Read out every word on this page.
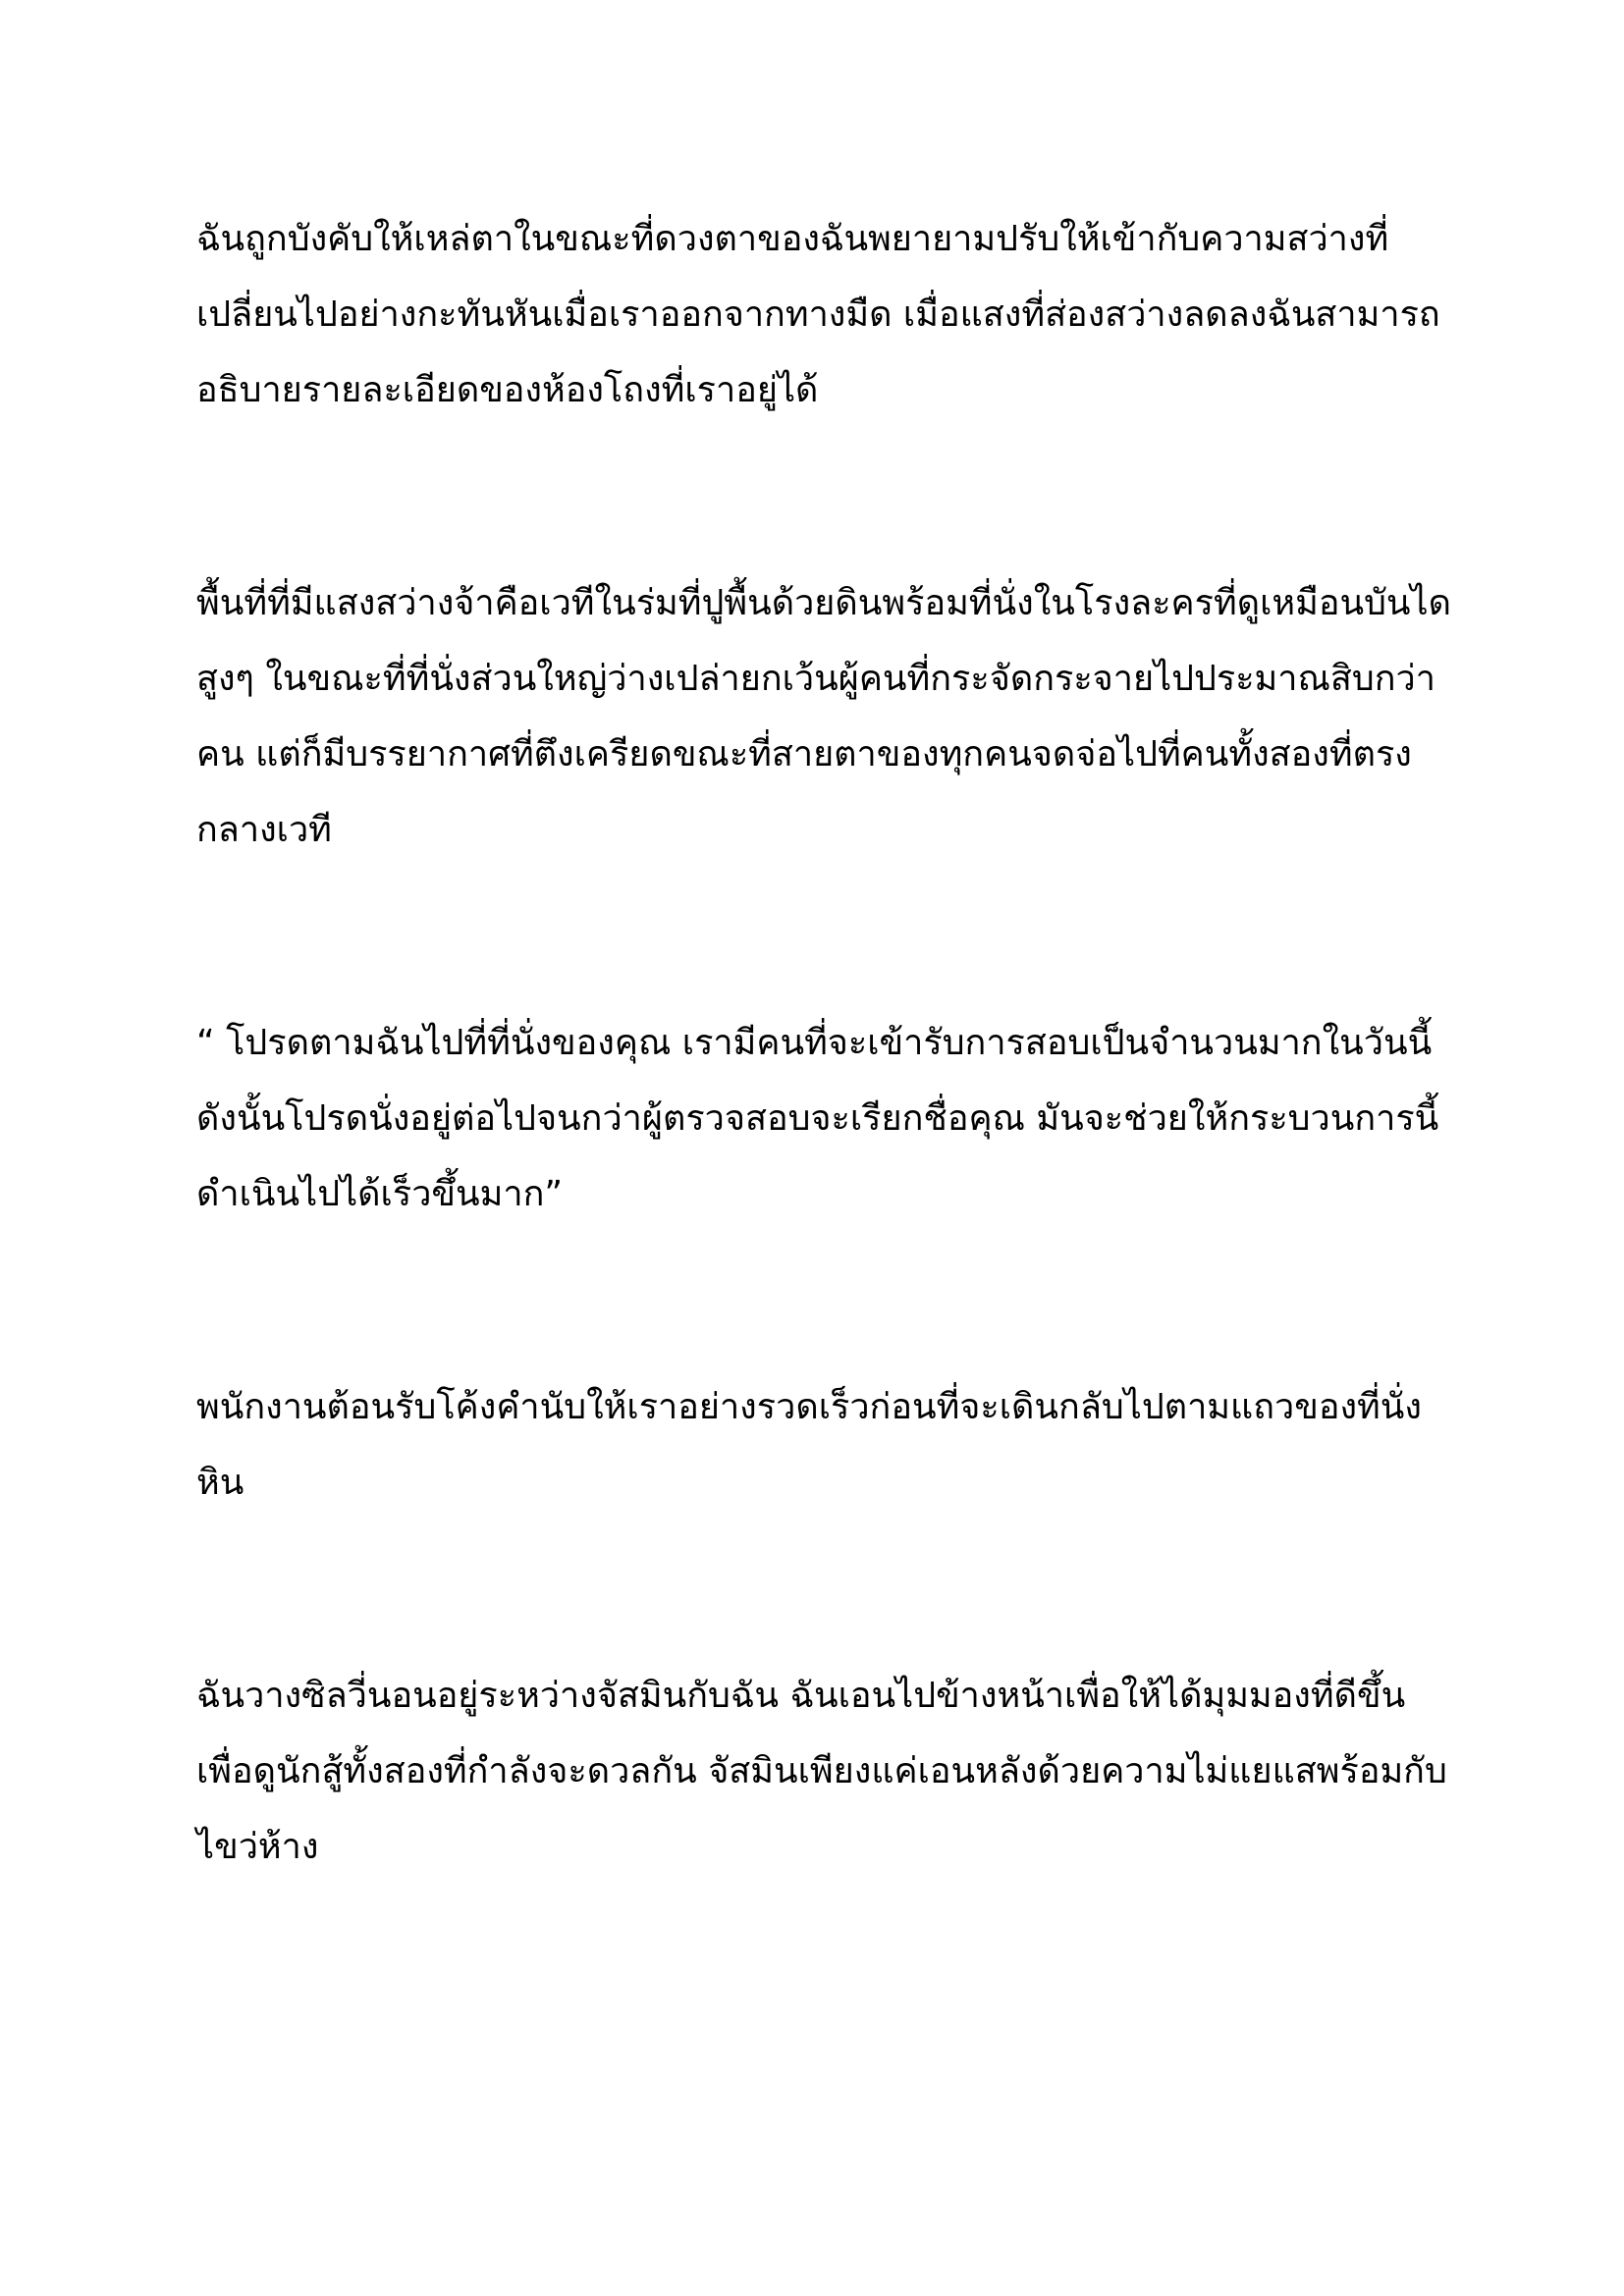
ฉันถูกบังคับให้เหล่ตาในขณะที่ดวงตาของฉันพยายามปรับให้เข้ากับความสว่างที่เปลี่ยนไปอย่างกะทันหันเมื่อเราออกจากทางมืด เมื่อแสงที่ส่องสว่างลดลงฉันสามารถอธิบายรายละเอียดของห้องโถงที่เราอยู่ได้

พื้นที่ที่มีแสงสว่างจ้าคือเวทีในร่มที่ปูพื้นด้วยดินพร้อมที่นั่งในโรงละครที่ดูเหมือนบันไดสูงๆ ในขณะที่ที่นั่งส่วนใหญ่ว่างเปล่ายกเว้นผู้คนที่กระจัดกระจายไปประมาณสิบกว่าคน แต่ก็มีบรรยากาศที่ตึงเครียดขณะที่สายตาของทุกคนจดจ่อไปที่คนทั้งสองที่ตรงกลางเวที

“ โปรดตามฉันไปที่ที่นั่งของคุณ เรามีคนที่จะเข้ารับการสอบเป็นจำนวนมากในวันนี้ ดังนั้นโปรดนั่งอยู่ต่อไปจนกว่าผู้ตรวจสอบจะเรียกชื่อคุณ มันจะช่วยให้กระบวนการนี้ดำเนินไปได้เร็วขึ้นมาก”

พนักงานต้อนรับโค้งคำนับให้เราอย่างรวดเร็วก่อนที่จะเดินกลับไปตามแถวของที่นั่งหิน

ฉันวางซิลวี่นอนอยู่ระหว่างจัสมินกับฉัน ฉันเอนไปข้างหน้าเพื่อให้ได้มุมมองที่ดีขึ้นเพื่อดูนักสู้ทั้งสองที่กำลังจะดวลกัน จัสมินเพียงแค่เอนหลังด้วยความไม่แยแสพร้อมกับไขว่ห้าง
